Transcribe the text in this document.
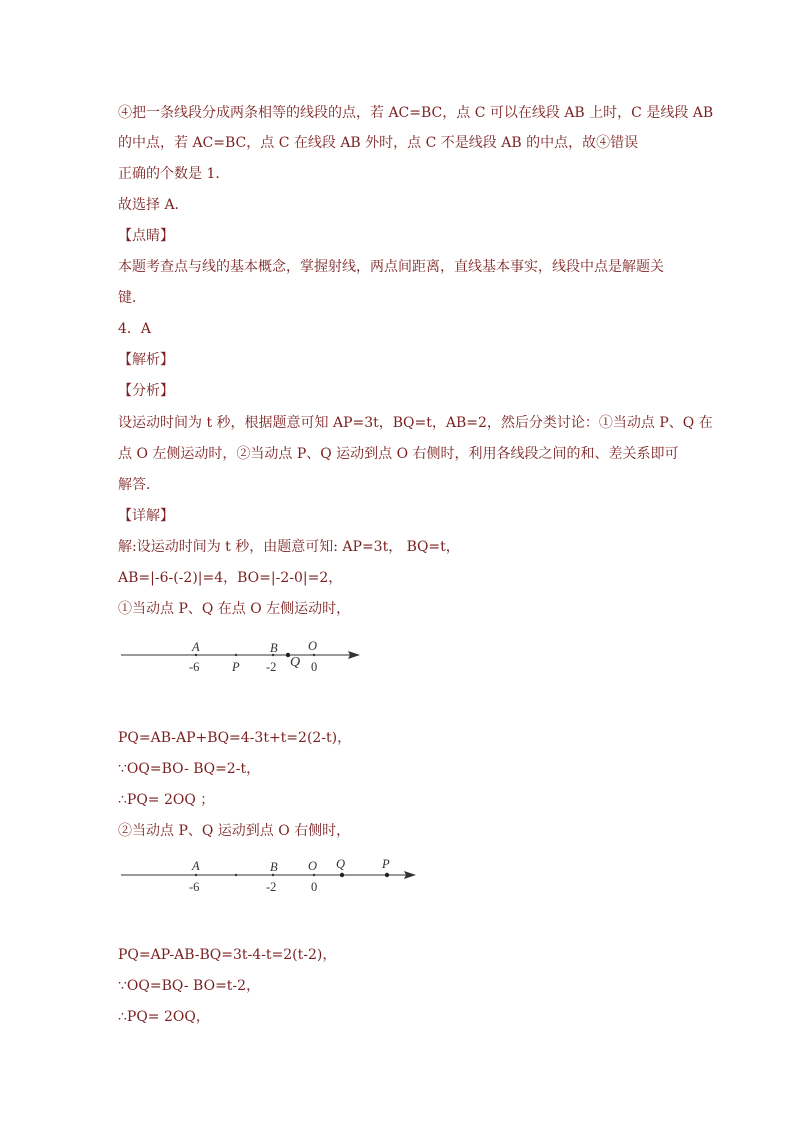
④把一条线段分成两条相等的线段的点，若 AC=BC，点 C 可以在线段 AB 上时，C 是线段 AB
的中点，若 AC=BC，点 C 在线段 AB 外时，点 C 不是线段 AB 的中点，故④错误
正确的个数是 1．
故选择 A．
【点睛】
本题考查点与线的基本概念，掌握射线，两点间距离，直线基本事实，线段中点是解题关
键．
4．A
【解析】
【分析】
设运动时间为 t 秒，根据题意可知 AP=3t，BQ=t，AB=2，然后分类讨论：①当动点 P、Q 在
点 O 左侧运动时，②当动点 P、Q 运动到点 O 右侧时，利用各线段之间的和、差关系即可
解答．
【详解】
解:设运动时间为 t 秒，由题意可知: AP=3t， BQ=t，
AB=|-6-(-2)|=4，BO=|-2-0|=2，
①当动点 P、Q 在点 O 左侧运动时，
A
-6	P
B
-2 Q
O
0
PQ=AB-AP+BQ=4-3t+t=2(2-t)，
∵OQ=BO- BQ=2-t，
∴PQ= 2OQ ；
②当动点 P、Q 运动到点 O 右侧时，
A
-6
B
-2
O
0
Q	P
PQ=AP-AB-BQ=3t-4-t=2(t-2)，
∵OQ=BQ- BO=t-2，
∴PQ= 2OQ，
